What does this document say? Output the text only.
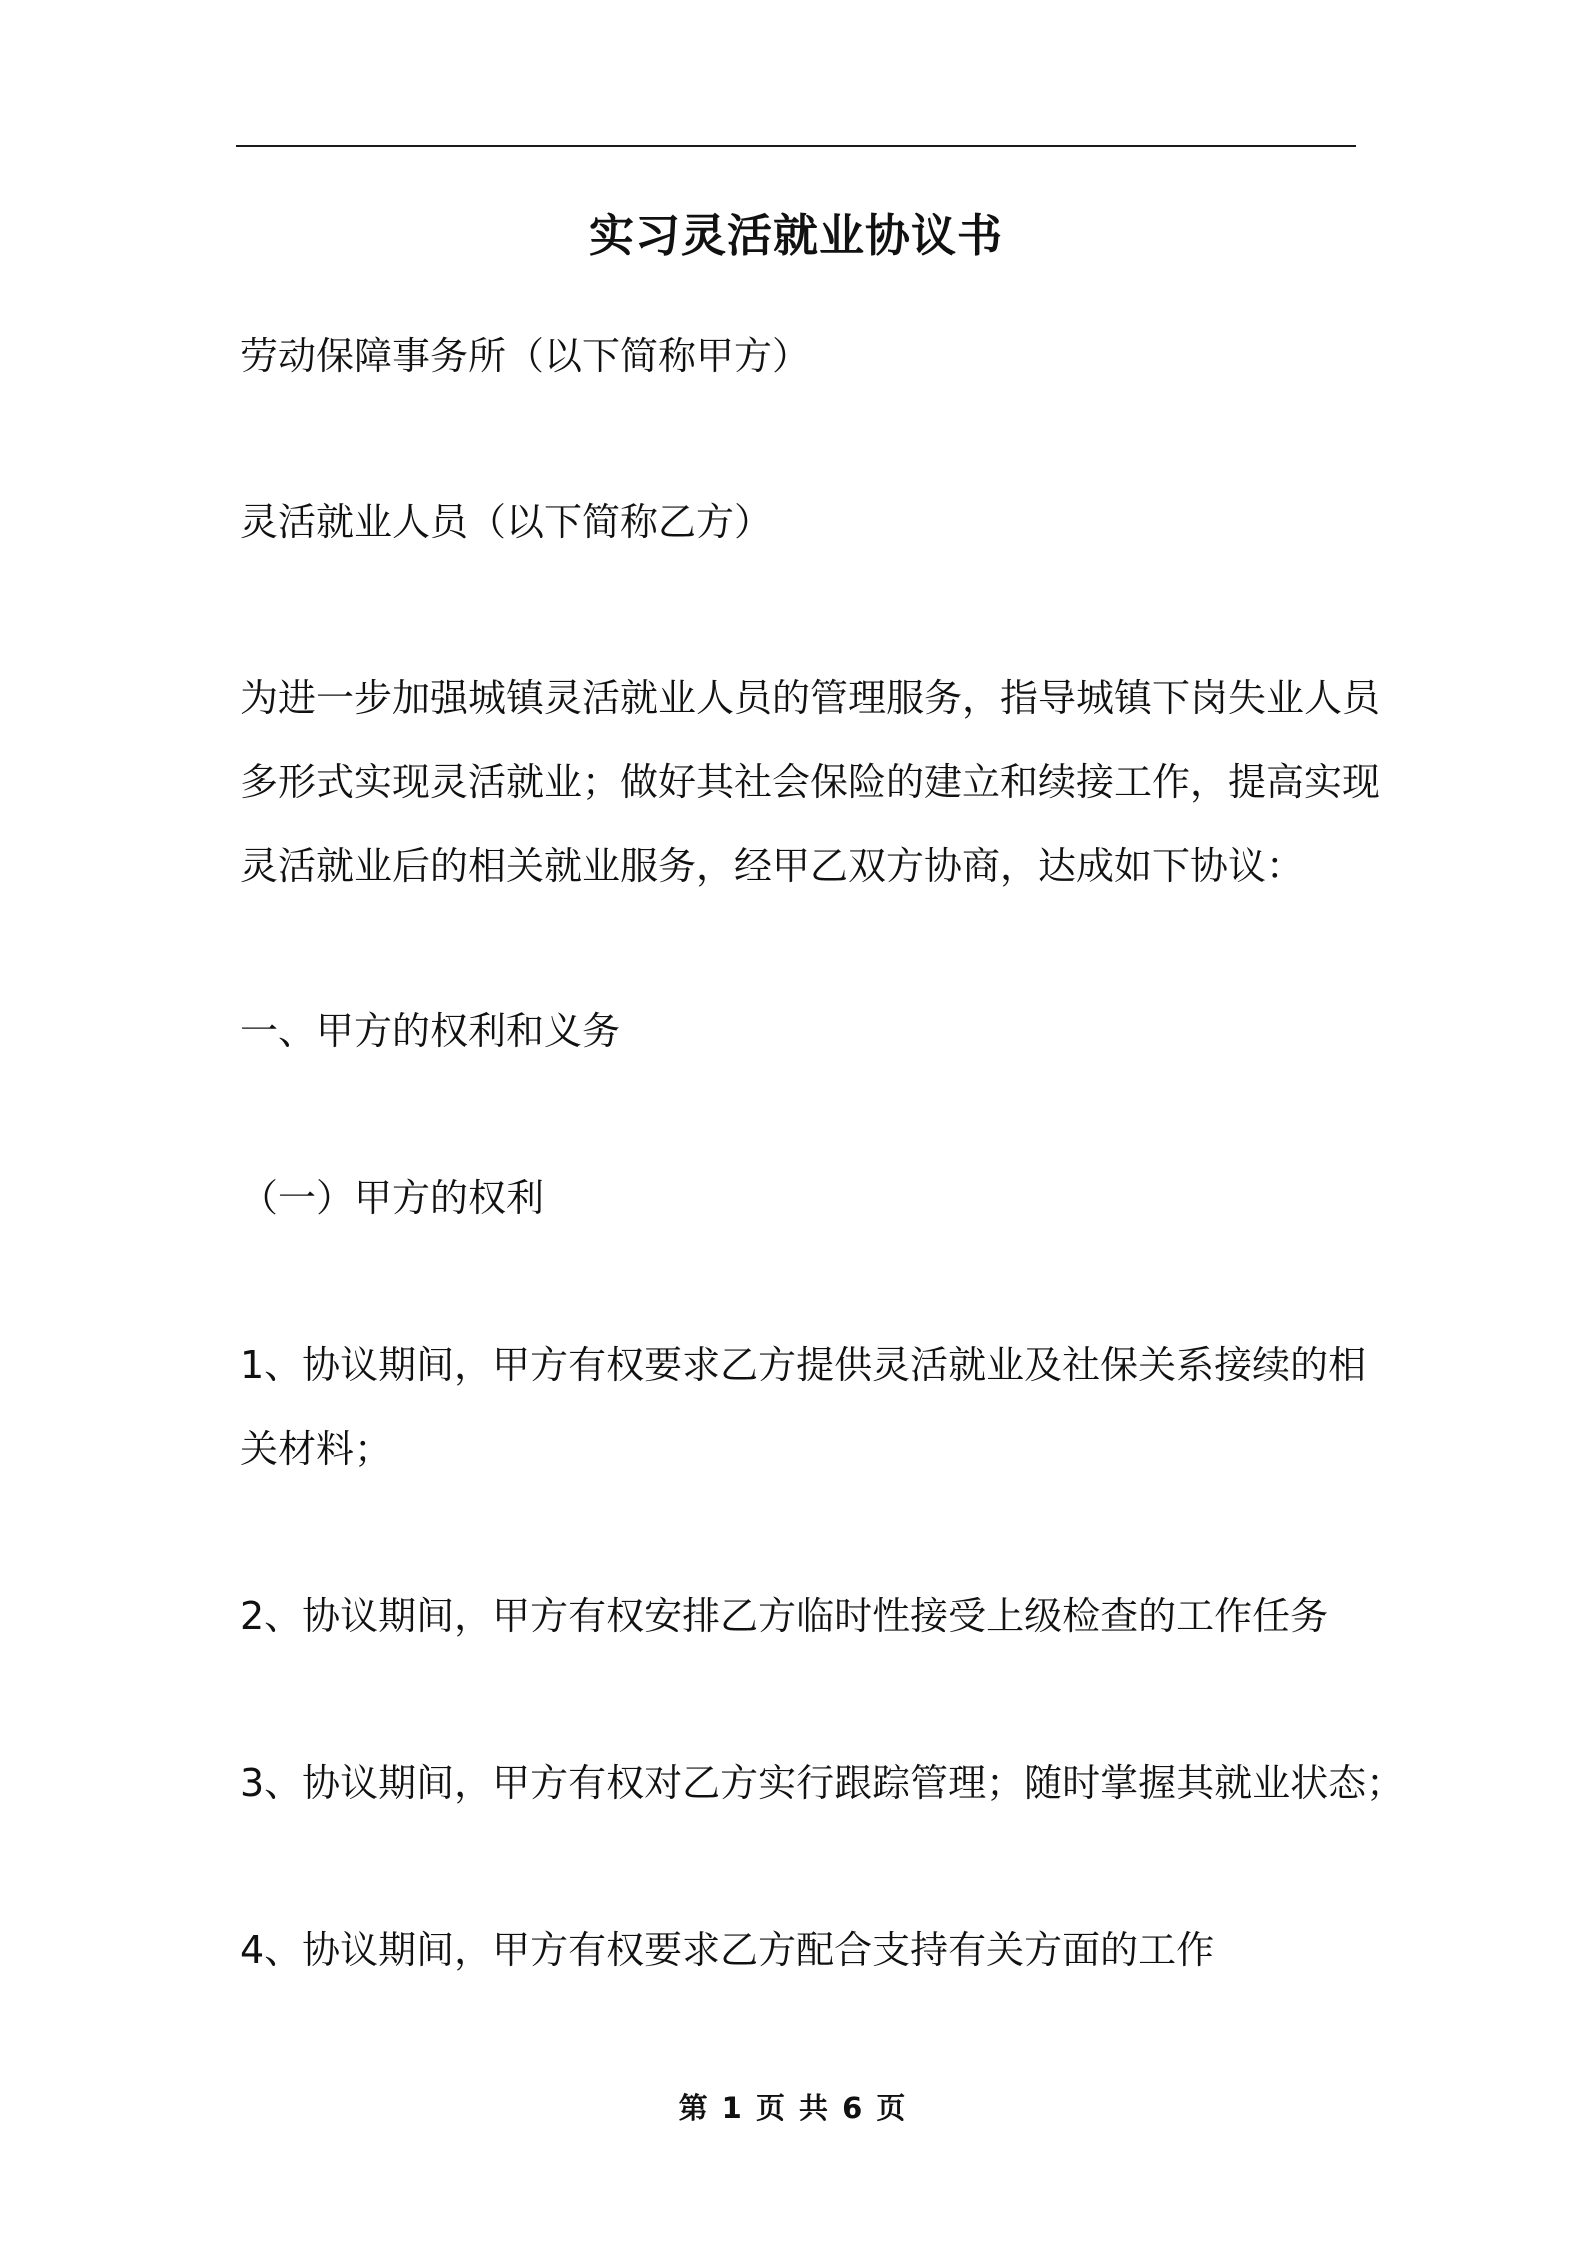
实习灵活就业协议书
劳动保障事务所（以下简称甲方）
灵活就业人员（以下简称乙方）
为进一步加强城镇灵活就业人员的管理服务，指导城镇下岗失业人员
多形式实现灵活就业；做好其社会保险的建立和续接工作，提高实现
灵活就业后的相关就业服务，经甲乙双方协商，达成如下协议：
一、甲方的权利和义务
（一）甲方的权利
1、协议期间，甲方有权要求乙方提供灵活就业及社保关系接续的相
关材料；
2、协议期间，甲方有权安排乙方临时性接受上级检查的工作任务
3、协议期间，甲方有权对乙方实行跟踪管理；随时掌握其就业状态；
4、协议期间，甲方有权要求乙方配合支持有关方面的工作
第 1 页 共 6 页
